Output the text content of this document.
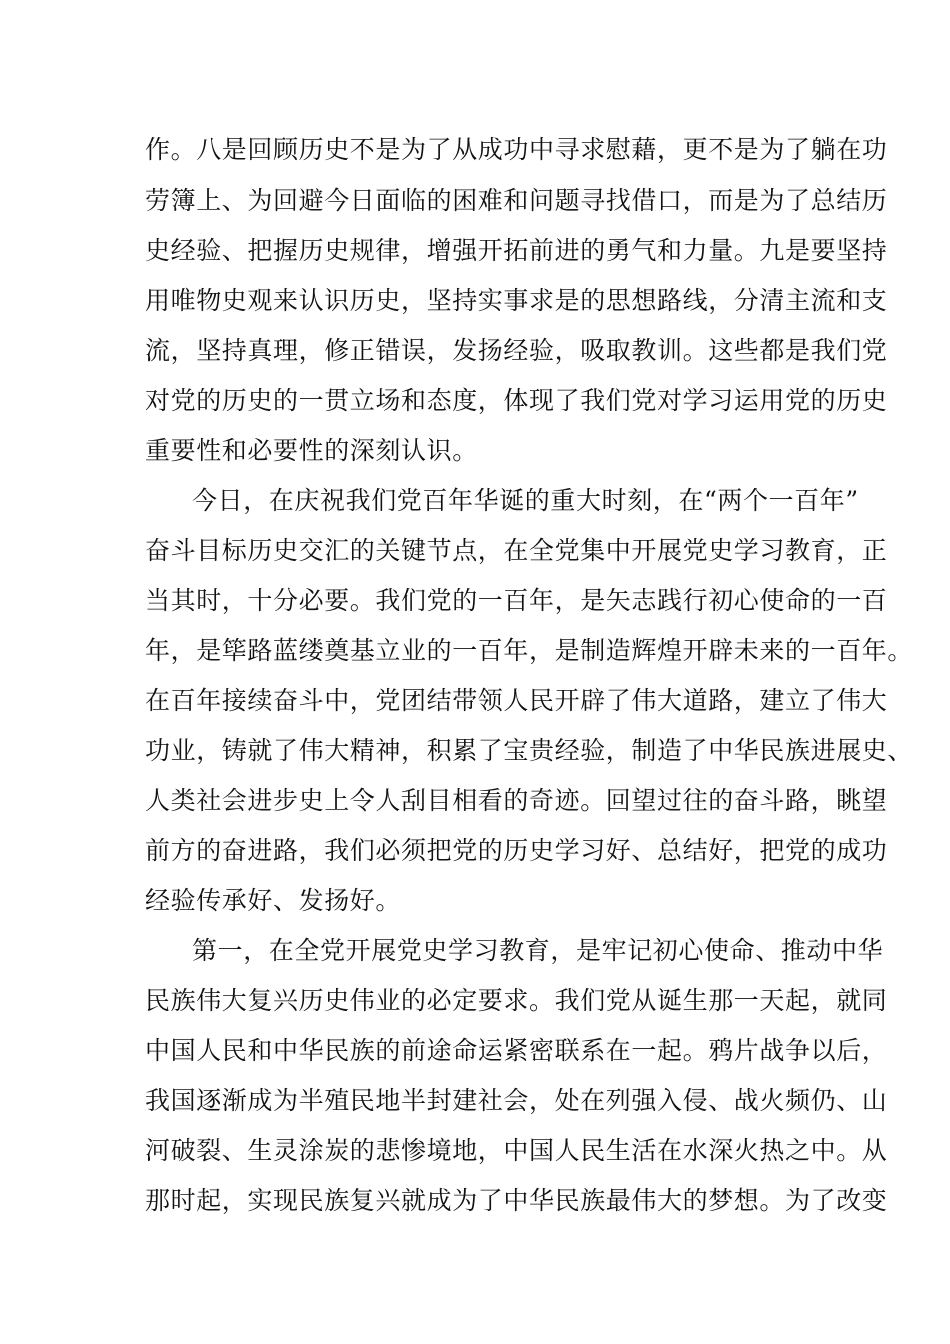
作。八是回顾历史不是为了从成功中寻求慰藉，更不是为了躺在功
劳簿上、为回避今日面临的困难和问题寻找借口，而是为了总结历
史经验、把握历史规律，增强开拓前进的勇气和力量。九是要坚持
用唯物史观来认识历史，坚持实事求是的思想路线，分清主流和支
流，坚持真理，修正错误，发扬经验，吸取教训。这些都是我们党
对党的历史的一贯立场和态度，体现了我们党对学习运用党的历史
重要性和必要性的深刻认识。
今日，在庆祝我们党百年华诞的重大时刻，在“两个一百年”
奋斗目标历史交汇的关键节点，在全党集中开展党史学习教育，正
当其时，十分必要。我们党的一百年，是矢志践行初心使命的一百
年，是筚路蓝缕奠基立业的一百年，是制造辉煌开辟未来的一百年。
在百年接续奋斗中，党团结带领人民开辟了伟大道路，建立了伟大
功业，铸就了伟大精神，积累了宝贵经验，制造了中华民族进展史、
人类社会进步史上令人刮目相看的奇迹。回望过往的奋斗路，眺望
前方的奋进路，我们必须把党的历史学习好、总结好，把党的成功
经验传承好、发扬好。
第一，在全党开展党史学习教育，是牢记初心使命、推动中华
民族伟大复兴历史伟业的必定要求。我们党从诞生那一天起，就同
中国人民和中华民族的前途命运紧密联系在一起。鸦片战争以后，
我国逐渐成为半殖民地半封建社会，处在列强入侵、战火频仍、山
河破裂、生灵涂炭的悲惨境地，中国人民生活在水深火热之中。从
那时起，实现民族复兴就成为了中华民族最伟大的梦想。为了改变
